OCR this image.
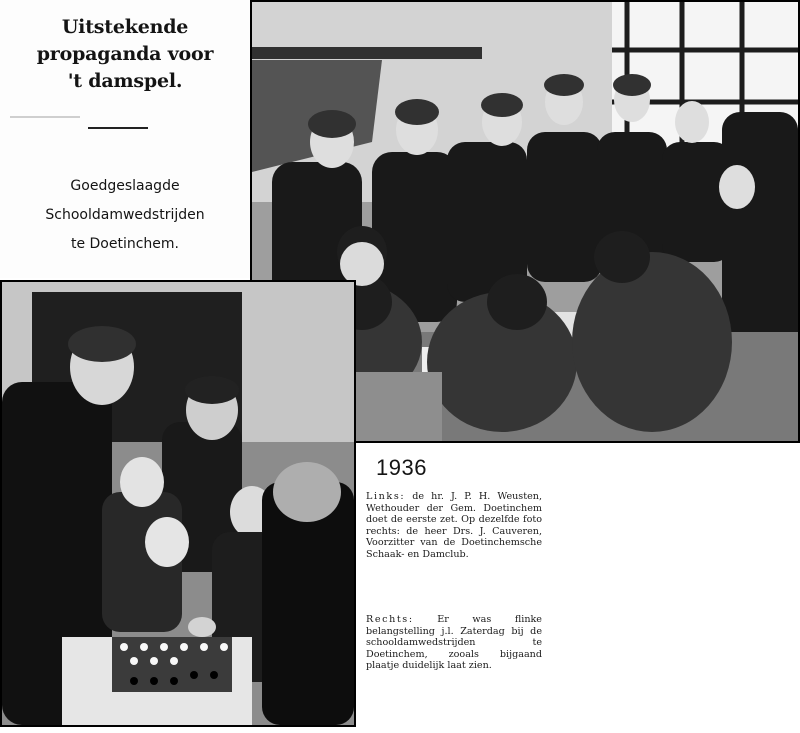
Uitstekende
propaganda voor
't damspel.
Goedgeslaagde
Schooldamwedstrijden
te Doetinchem.
1936
Links: de hr. J. P. H. Weusten, Wethouder der Gem. Doetinchem doet de eerste zet. Op dezelfde foto rechts: de heer Drs. J. Cauveren, Voorzitter van de Doetinchemsche Schaak- en Damclub.
Rechts: Er was flinke belangstelling j.l. Zaterdag bij de schooldamwedstrijden te Doetinchem, zooals bijgaand plaatje duidelijk laat zien.
